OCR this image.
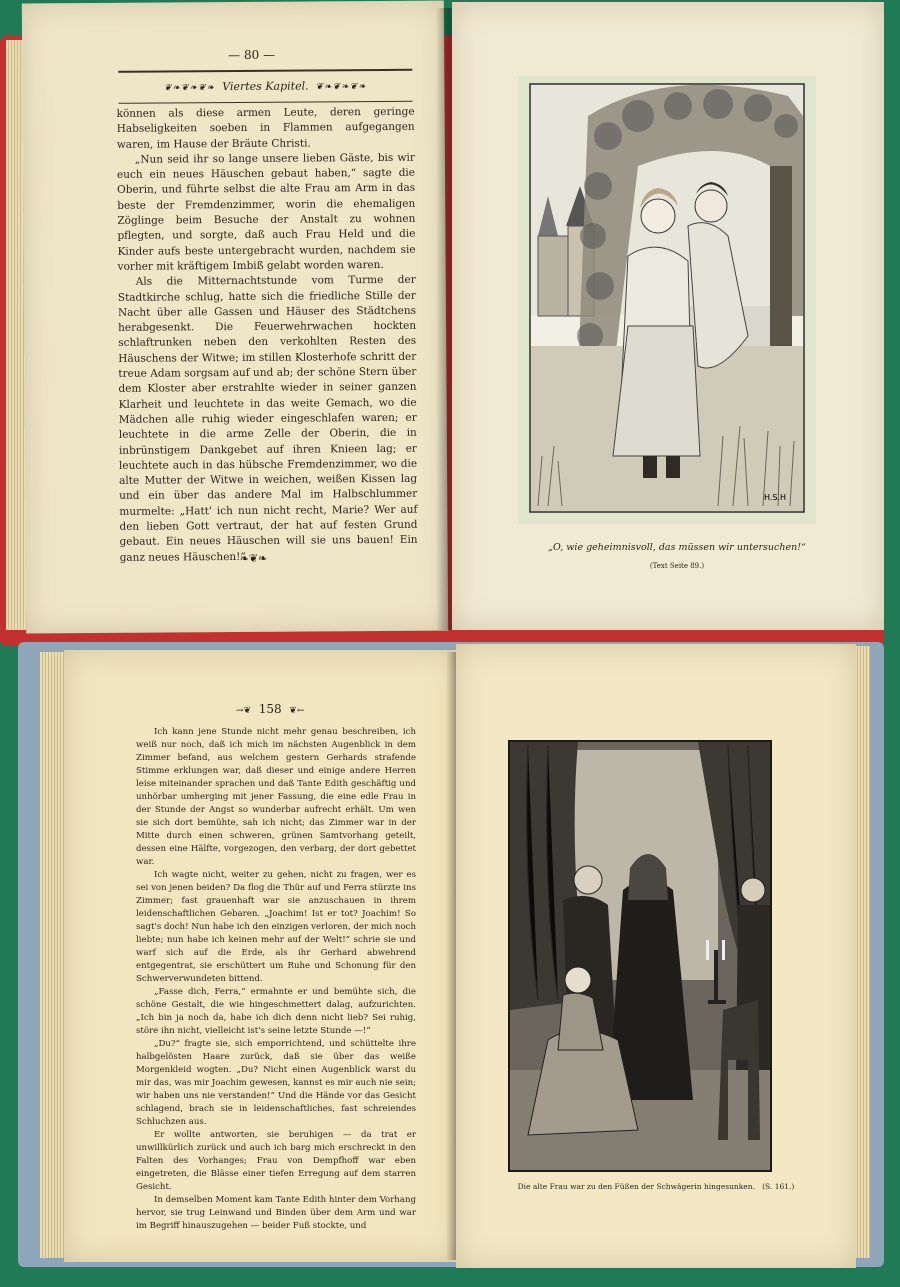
— 80 —
❦❧❦❧❦❧ Viertes Kapitel. ❦❧❦❧❦❧

können als diese armen Leute, deren geringe Habseligkeiten soeben in Flammen aufgegangen waren, im Hause der Bräute Christi.

„Nun seid ihr so lange unsere lieben Gäste, bis wir euch ein neues Häuschen gebaut haben,“ sagte die Oberin, und führte selbst die alte Frau am Arm in das beste der Fremdenzimmer, worin die ehemaligen Zöglinge beim Besuche der Anstalt zu wohnen pflegten, und sorgte, daß auch Frau Held und die Kinder aufs beste untergebracht wurden, nachdem sie vorher mit kräftigem Imbiß gelabt worden waren.

Als die Mitternachtstunde vom Turme der Stadtkirche schlug, hatte sich die friedliche Stille der Nacht über alle Gassen und Häuser des Städtchens herabgesenkt. Die Feuerwehrwachen hockten schlaftrunken neben den verkohlten Resten des Häuschens der Witwe; im stillen Klosterhofe schritt der treue Adam sorgsam auf und ab; der schöne Stern über dem Kloster aber erstrahlte wieder in seiner ganzen Klarheit und leuchtete in das weite Gemach, wo die Mädchen alle ruhig wieder eingeschlafen waren; er leuchtete in die arme Zelle der Oberin, die in inbrünstigem Dankgebet auf ihren Knieen lag; er leuchtete auch in das hübsche Fremdenzimmer, wo die alte Mutter der Witwe in weichen, weißen Kissen lag und ein über das andere Mal im Halbschlummer murmelte: „Hatt' ich nun nicht recht, Marie? Wer auf den lieben Gott vertraut, der hat auf festen Grund gebaut. Ein neues Häuschen will sie uns bauen! Ein ganz neues Häuschen!“

❧❦❧
„O, wie geheimnisvoll, das müssen wir untersuchen!“
(Text Seite 89.)
H.S.H
→❦ 158 ❦←

Ich kann jene Stunde nicht mehr genau beschreiben, ich weiß nur noch, daß ich mich im nächsten Augenblick in dem Zimmer befand, aus welchem gestern Gerhards strafende Stimme erklungen war, daß dieser und einige andere Herren leise miteinander sprachen und daß Tante Edith geschäftig und unhörbar umherging mit jener Fassung, die eine edle Frau in der Stunde der Angst so wunderbar aufrecht erhält. Um wen sie sich dort bemühte, sah ich nicht; das Zimmer war in der Mitte durch einen schweren, grünen Samtvorhang geteilt, dessen eine Hälfte, vorgezogen, den verbarg, der dort gebettet war.

Ich wagte nicht, weiter zu gehen, nicht zu fragen, wer es sei von jenen beiden? Da flog die Thür auf und Ferra stürzte ins Zimmer; fast grauenhaft war sie anzuschauen in ihrem leidenschaftlichen Gebaren. „Joachim! Ist er tot? Joachim! So sagt's doch! Nun habe ich den einzigen verloren, der mich noch liebte; nun habe ich keinen mehr auf der Welt!“ schrie sie und warf sich auf die Erde, als ihr Gerhard abwehrend entgegentrat, sie erschüttert um Ruhe und Schonung für den Schwerverwundeten bittend.

„Fasse dich, Ferra,“ ermahnte er und bemühte sich, die schöne Gestalt, die wie hingeschmettert dalag, aufzurichten. „Ich bin ja noch da, habe ich dich denn nicht lieb? Sei ruhig, störe ihn nicht, vielleicht ist's seine letzte Stunde —!“

„Du?“ fragte sie, sich emporrichtend, und schüttelte ihre halbgelösten Haare zurück, daß sie über das weiße Morgenkleid wogten. „Du? Nicht einen Augenblick warst du mir das, was mir Joachim gewesen, kannst es mir auch nie sein; wir haben uns nie verstanden!“ Und die Hände vor das Gesicht schlagend, brach sie in leidenschaftliches, fast schreiendes Schluchzen aus.

Er wollte antworten, sie beruhigen — da trat er unwillkürlich zurück und auch ich barg mich erschreckt in den Falten des Vorhanges; Frau von Dempfhoff war eben eingetreten, die Blässe einer tiefen Erregung auf dem starren Gesicht.

In demselben Moment kam Tante Edith hinter dem Vorhang hervor, sie trug Leinwand und Binden über dem Arm und war im Begriff hinauszugehen — beider Fuß stockte, und

Die alte Frau war zu den Füßen der Schwägerin hingesunken. (S. 161.)
